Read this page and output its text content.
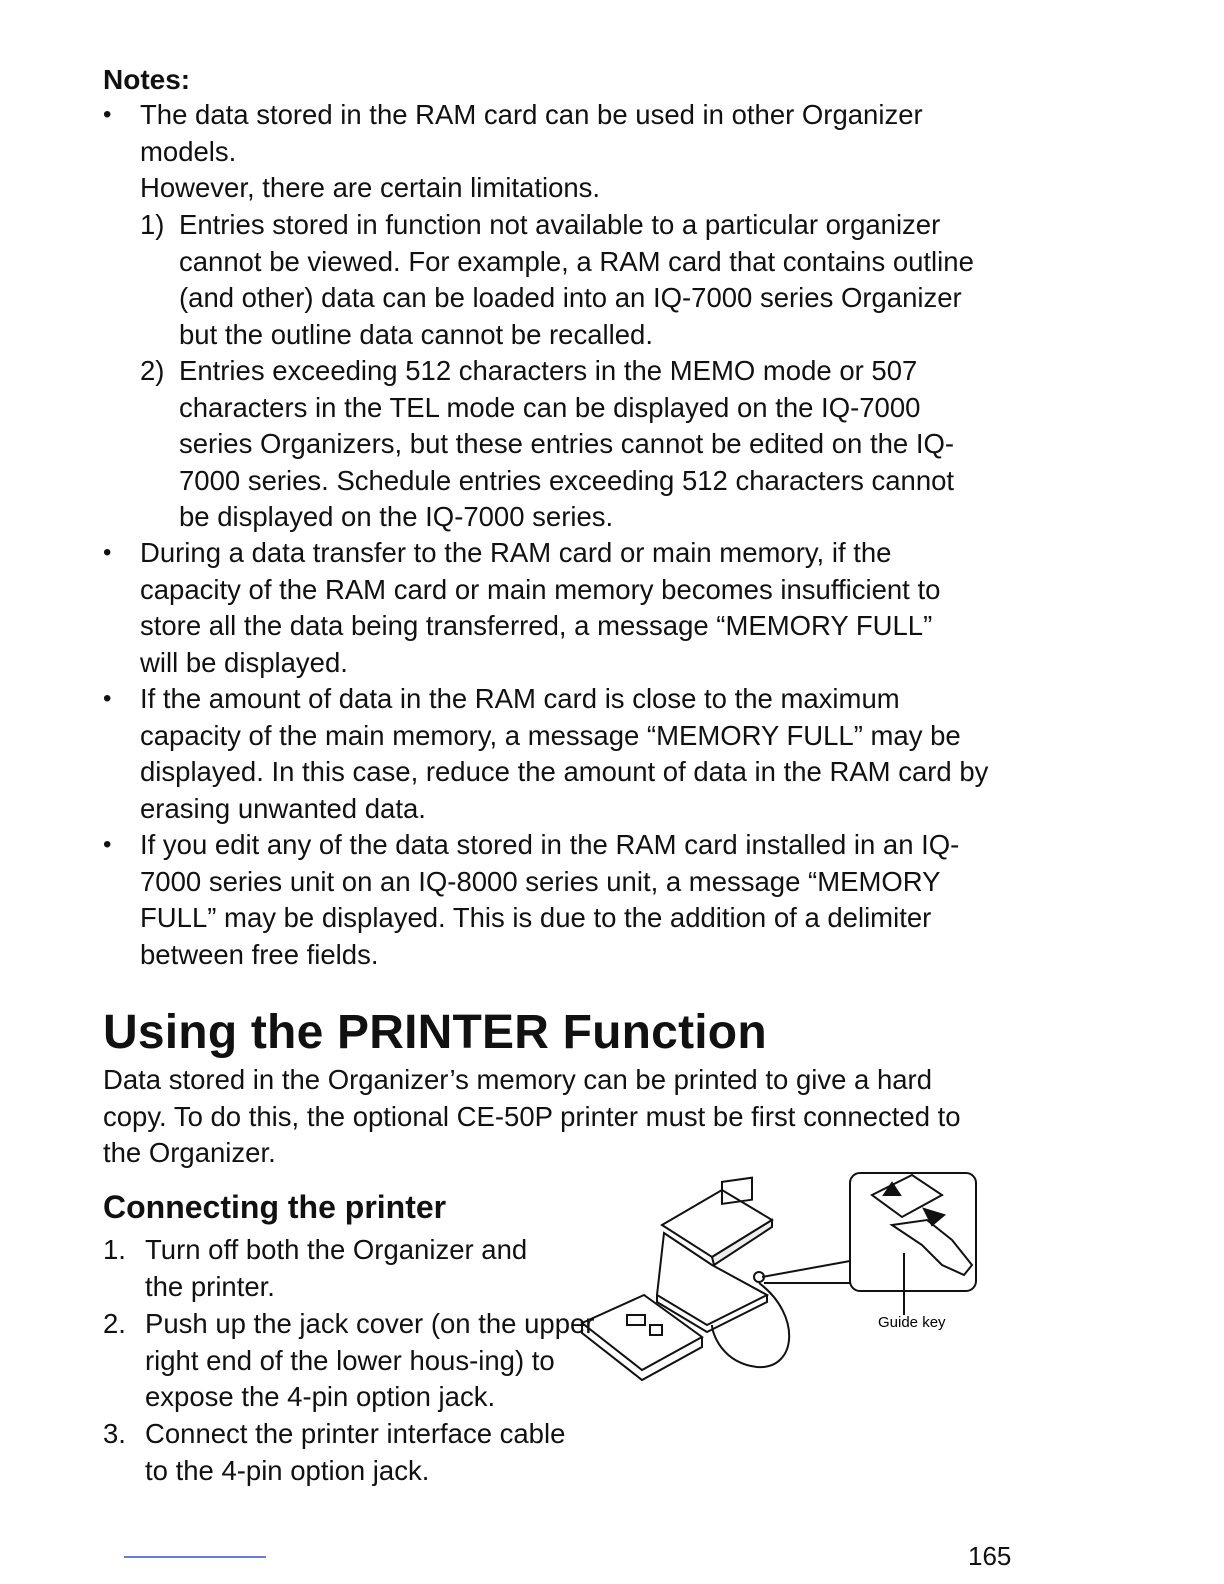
Notes:
• The data stored in the RAM card can be used in other Organizer models.
However, there are certain limitations.
1) Entries stored in function not available to a particular organizer cannot be viewed. For example, a RAM card that contains outline (and other) data can be loaded into an IQ-7000 series Organizer but the outline data cannot be recalled.
2) Entries exceeding 512 characters in the MEMO mode or 507 characters in the TEL mode can be displayed on the IQ-7000 series Organizers, but these entries cannot be edited on the IQ-7000 series. Schedule entries exceeding 512 characters cannot be displayed on the IQ-7000 series.
• During a data transfer to the RAM card or main memory, if the capacity of the RAM card or main memory becomes insufficient to store all the data being transferred, a message “MEMORY FULL” will be displayed.
• If the amount of data in the RAM card is close to the maximum capacity of the main memory, a message “MEMORY FULL” may be displayed. In this case, reduce the amount of data in the RAM card by erasing unwanted data.
• If you edit any of the data stored in the RAM card installed in an IQ-7000 series unit on an IQ-8000 series unit, a message “MEMORY FULL” may be displayed. This is due to the addition of a delimiter between free fields.
Using the PRINTER Function
Data stored in the Organizer’s memory can be printed to give a hard copy. To do this, the optional CE-50P printer must be first connected to the Organizer.
Connecting the printer
1. Turn off both the Organizer and the printer.
2. Push up the jack cover (on the upper right end of the lower hous-ing) to expose the 4-pin option jack.
3. Connect the printer interface cable to the 4-pin option jack.
Guide key
165
